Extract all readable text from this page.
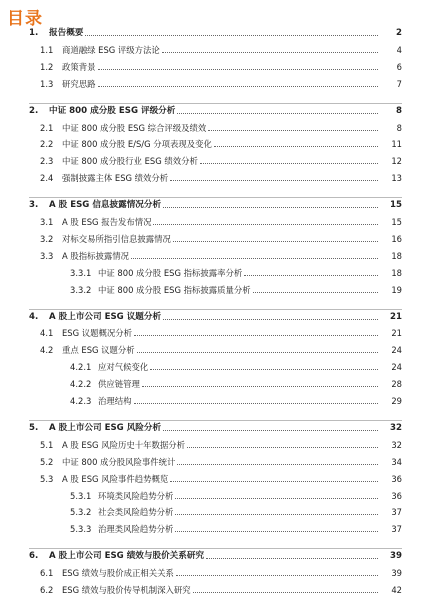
目录
1.	报告概要	2
1.1	商道融绿 ESG 评级方法论	4
1.2	政策背景	6
1.3	研究思路	7
2.	中证 800 成分股 ESG 评级分析	8
2.1	中证 800 成分股 ESG 综合评级及绩效	8
2.2	中证 800 成分股 E/S/G 分项表现及变化	11
2.3	中证 800 成分股行业 ESG 绩效分析	12
2.4	强制披露主体 ESG 绩效分析	13
3.	A 股 ESG 信息披露情况分析	15
3.1	A 股 ESG 报告发布情况	15
3.2	对标交易所指引信息披露情况	16
3.3	A 股指标披露情况	18
3.3.1 中证 800 成分股 ESG 指标披露率分析	18
3.3.2 中证 800 成分股 ESG 指标披露质量分析	19
4.	A 股上市公司 ESG 议题分析	21
4.1	ESG 议题概况分析	21
4.2	重点 ESG 议题分析	24
4.2.1 应对气候变化	24
4.2.2 供应链管理	28
4.2.3 治理结构	29
5.	A 股上市公司 ESG 风险分析	32
5.1	A 股 ESG 风险历史十年数据分析	32
5.2	中证 800 成分股风险事件统计	34
5.3	A 股 ESG 风险事件趋势概览	36
5.3.1 环境类风险趋势分析	36
5.3.2 社会类风险趋势分析	37
5.3.3 治理类风险趋势分析	37
6.	A 股上市公司 ESG 绩效与股价关系研究	39
6.1	ESG 绩效与股价成正相关关系	39
6.2	ESG 绩效与股价传导机制深入研究	42
